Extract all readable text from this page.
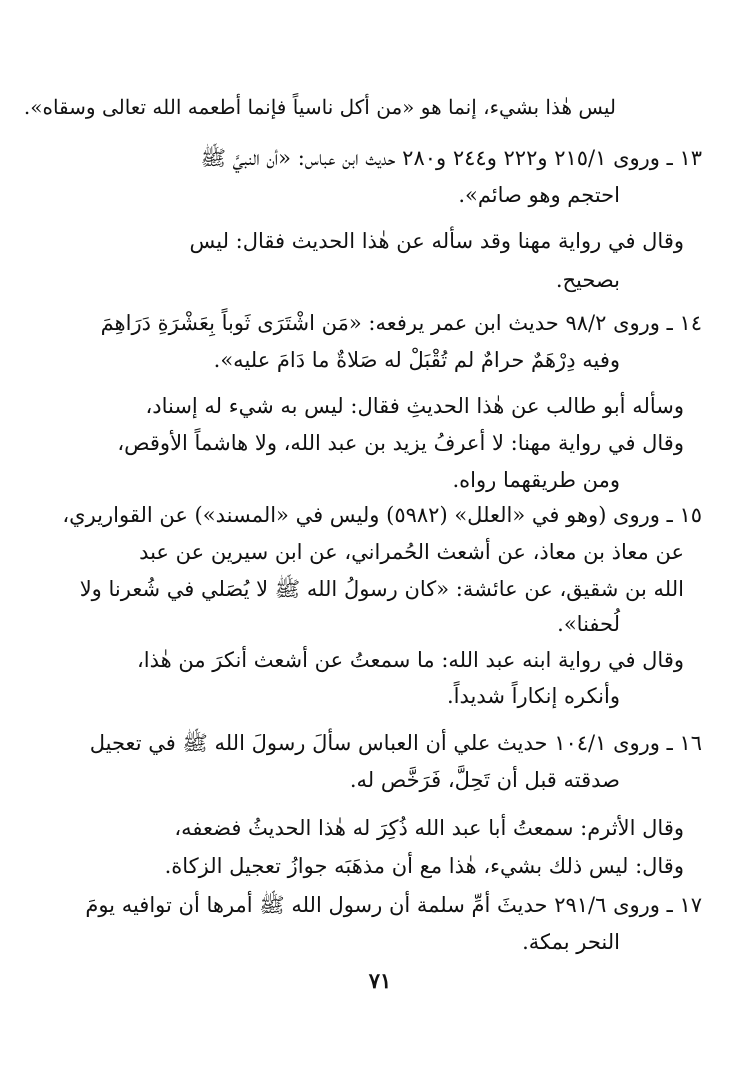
ليس هٰذا بشيء، إنما هو «من أكل ناسياً فإنما أطعمه الله تعالى وسقاه».
١٣ ـ وروى ٢١٥/١ و٢٢٢ و٢٤٤ و٢٨٠ حديث ابن عباس: «أن النبيَّ ﷺ
احتجم وهو صائم».
وقال في رواية مهنا وقد سأله عن هٰذا الحديث فقال: ليس
بصحيح.
١٤ ـ وروى ٩٨/٢ حديث ابن عمر يرفعه: «مَن اشْتَرَى ثَوباً بِعَشْرَةِ دَرَاهِمَ
وفيه دِرْهَمٌ حرامٌ لم تُقْبَلْ له صَلاةٌ ما دَامَ عليه».
وسأله أبو طالب عن هٰذا الحديثِ فقال: ليس به شيء له إسناد،
وقال في رواية مهنا: لا أعرفُ يزيد بن عبد الله، ولا هاشماً الأوقص،
ومن طريقهما رواه.
١٥ ـ وروى (وهو في «العلل» (٥٩٨٢) وليس في «المسند») عن القواريري،
عن معاذ بن معاذ، عن أشعث الحُمراني، عن ابن سيرين عن عبد
الله بن شقيق، عن عائشة: «كان رسولُ الله ﷺ لا يُصَلي في شُعرنا ولا
لُحفنا».
وقال في رواية ابنه عبد الله: ما سمعتُ عن أشعث أنكرَ من هٰذا،
وأنكره إنكاراً شديداً.
١٦ ـ وروى ١٠٤/١ حديث علي أن العباس سألَ رسولَ الله ﷺ في تعجيل
صدقته قبل أن تَحِلَّ، فَرَخَّص له.
وقال الأثرم: سمعتُ أبا عبد الله ذُكِرَ له هٰذا الحديثُ فضعفه،
وقال: ليس ذلك بشيء، هٰذا مع أن مذهَبَه جوازُ تعجيل الزكاة.
١٧ ـ وروى ٢٩١/٦ حديثَ أمِّ سلمة أن رسول الله ﷺ أمرها أن توافيه يومَ
النحر بمكة.
٧١
